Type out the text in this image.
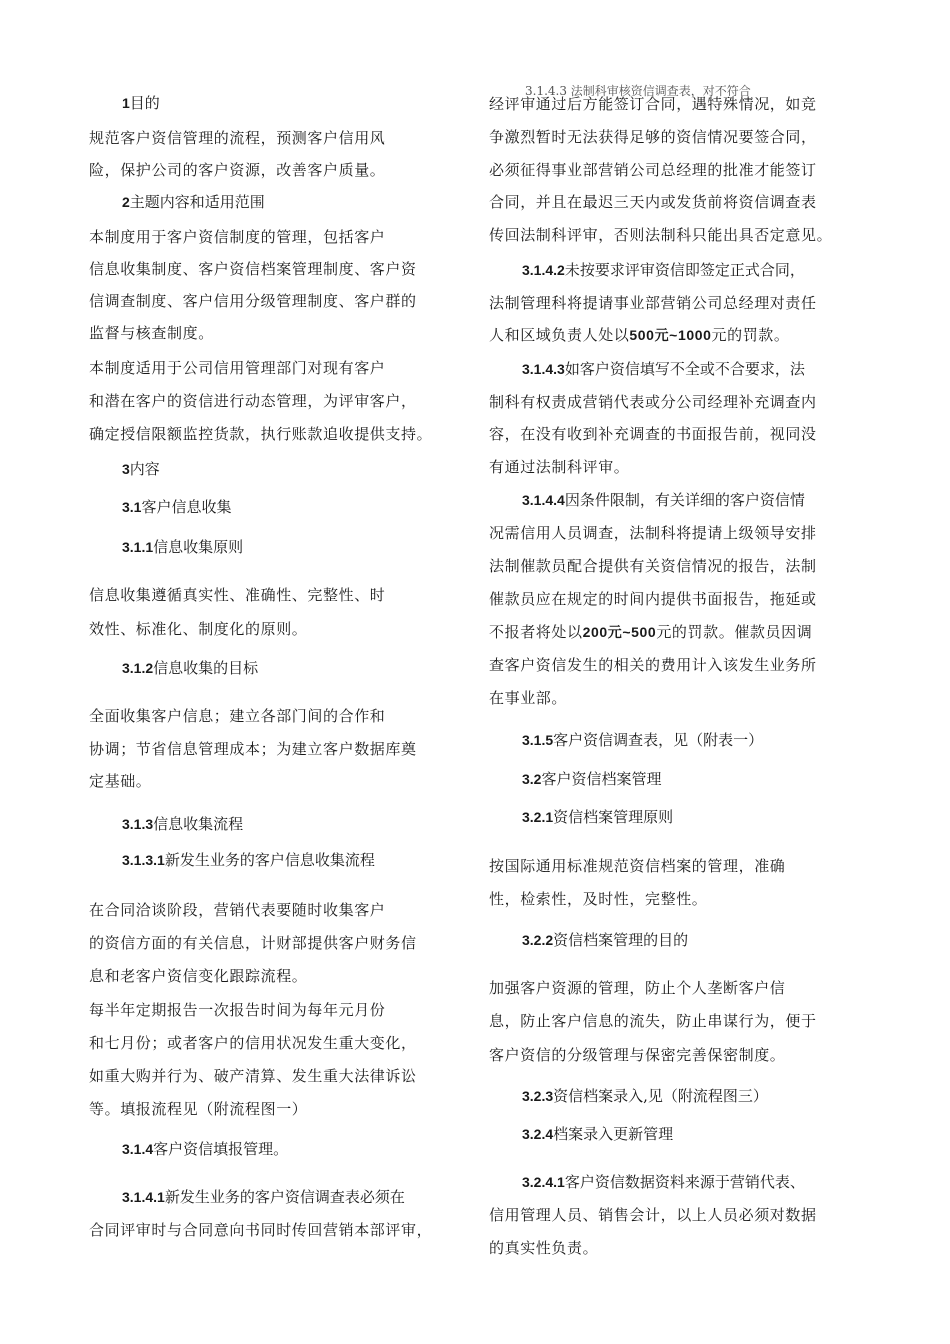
1目的
规范客户资信管理的流程，预测客户信用风
险，保护公司的客户资源，改善客户质量。
2主题内容和适用范围
本制度用于客户资信制度的管理，包括客户
信息收集制度、客户资信档案管理制度、客户资
信调查制度、客户信用分级管理制度、客户群的
监督与核查制度。
本制度适用于公司信用管理部门对现有客户
和潜在客户的资信进行动态管理，为评审客户，
确定授信限额监控货款，执行账款追收提供支持。
3内容
3.1客户信息收集
3.1.1信息收集原则
信息收集遵循真实性、准确性、完整性、时
效性、标准化、制度化的原则。
3.1.2信息收集的目标
全面收集客户信息；建立各部门间的合作和
协调；节省信息管理成本；为建立客户数据库奠
定基础。
3.1.3信息收集流程
3.1.3.1新发生业务的客户信息收集流程
在合同洽谈阶段，营销代表要随时收集客户
的资信方面的有关信息，计财部提供客户财务信
息和老客户资信变化跟踪流程。
每半年定期报告一次报告时间为每年元月份
和七月份；或者客户的信用状况发生重大变化，
如重大购并行为、破产清算、发生重大法律诉讼
等。填报流程见（附流程图一）
3.1.4客户资信填报管理。
3.1.4.1新发生业务的客户资信调查表必须在
合同评审时与合同意向书同时传回营销本部评审，
3.1.4.3 法制科审核资信调查表，对不符合
经评审通过后方能签订合同，遇特殊情况，如竞
争激烈暂时无法获得足够的资信情况要签合同，
必须征得事业部营销公司总经理的批准才能签订
合同，并且在最迟三天内或发货前将资信调查表
传回法制科评审，否则法制科只能出具否定意见。
3.1.4.2未按要求评审资信即签定正式合同，
法制管理科将提请事业部营销公司总经理对责任
人和区域负责人处以500元~1000元的罚款。
3.1.4.3如客户资信填写不全或不合要求，法
制科有权责成营销代表或分公司经理补充调查内
容，在没有收到补充调查的书面报告前，视同没
有通过法制科评审。
3.1.4.4因条件限制，有关详细的客户资信情
况需信用人员调查，法制科将提请上级领导安排
法制催款员配合提供有关资信情况的报告，法制
催款员应在规定的时间内提供书面报告，拖延或
不报者将处以200元~500元的罚款。催款员因调
查客户资信发生的相关的费用计入该发生业务所
在事业部。
3.1.5客户资信调查表，见（附表一）
3.2客户资信档案管理
3.2.1资信档案管理原则
按国际通用标准规范资信档案的管理，准确
性，检索性，及时性，完整性。
3.2.2资信档案管理的目的
加强客户资源的管理，防止个人垄断客户信
息，防止客户信息的流失，防止串谋行为，便于
客户资信的分级管理与保密完善保密制度。
3.2.3资信档案录入,见（附流程图三）
3.2.4档案录入更新管理
3.2.4.1客户资信数据资料来源于营销代表、
信用管理人员、销售会计，以上人员必须对数据
的真实性负责。
